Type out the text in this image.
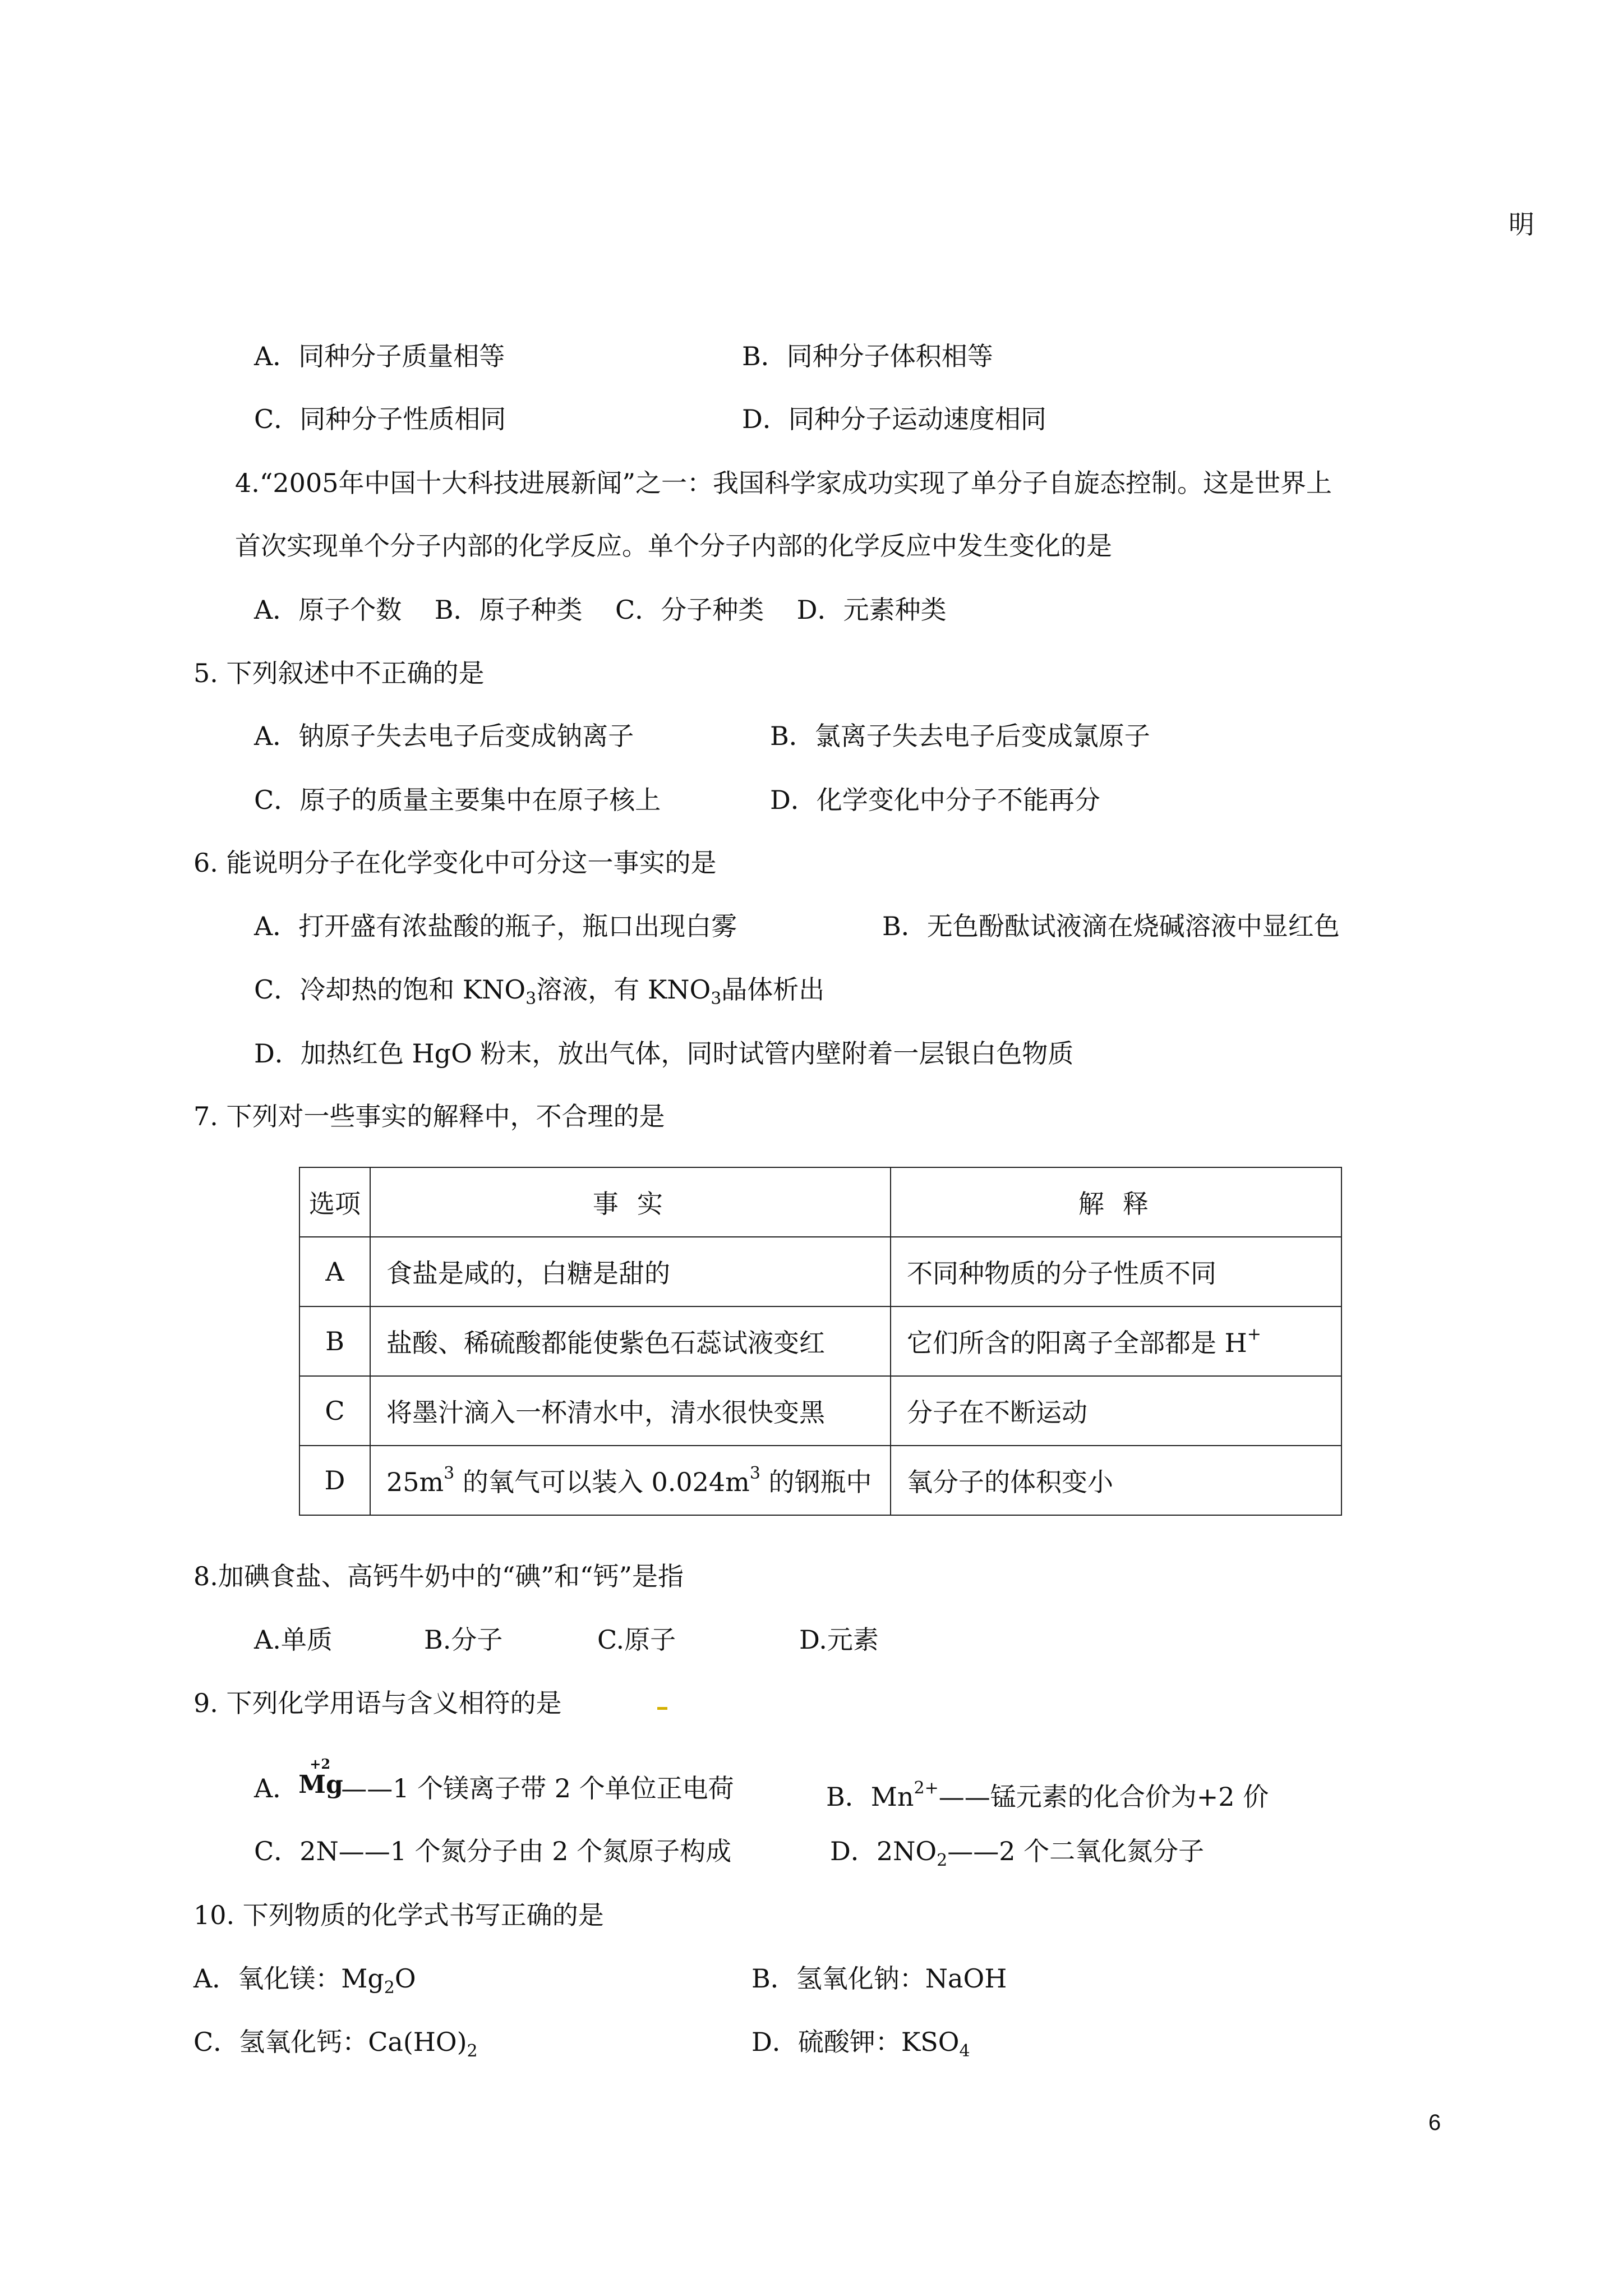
明
A．同种分子质量相等	B．同种分子体积相等
C．同种分子性质相同	D．同种分子运动速度相同
4.“2005年中国十大科技进展新闻”之一：我国科学家成功实现了单分子自旋态控制。这是世界上
首次实现单个分子内部的化学反应。单个分子内部的化学反应中发生变化的是
A．原子个数    B．原子种类    C．分子种类    D．元素种类
5. 下列叙述中不正确的是
A．钠原子失去电子后变成钠离子	B．氯离子失去电子后变成氯原子
C．原子的质量主要集中在原子核上	D．化学变化中分子不能再分
6. 能说明分子在化学变化中可分这一事实的是
A．打开盛有浓盐酸的瓶子，瓶口出现白雾	B．无色酚酞试液滴在烧碱溶液中显红色
C．冷却热的饱和 $KNO_3$溶液，有 $KNO_3$晶体析出
D．加热红色 HgO 粉末，放出气体，同时试管内壁附着一层银白色物质
7. 下列对一些事实的解释中，不合理的是
选项	事 实	解 释
A	食盐是咸的，白糖是甜的	不同种物质的分子性质不同
B	盐酸、稀硫酸都能使紫色石蕊试液变红	它们所含的阳离子全部都是 H+
C	将墨汁滴入一杯清水中，清水很快变黑	分子在不断运动
D	$25m^3$ 的氧气可以装入 $0.024m^3$ 的钢瓶中	氧分子的体积变小
8.加碘食盐、高钙牛奶中的“碘”和“钙”是指
A.单质	B.分子	C.原子	D.元素
9. 下列化学用语与含义相符的是
A．
+2
Mg
——1 个镁离子带 2 个单位正电荷	B．$Mn^{2+}——$锰元素的化合价为+2 价
C．2N——1 个氮分子由 2 个氮原子构成	D．$2NO_2——2$ 个二氧化氮分子
10. 下列物质的化学式书写正确的是
A．氧化镁：$Mg_2O$	B．氢氧化钠：NaOH
C．氢氧化钙：$Ca(HO)_2$	D．硫酸钾：$KSO_4$
6
